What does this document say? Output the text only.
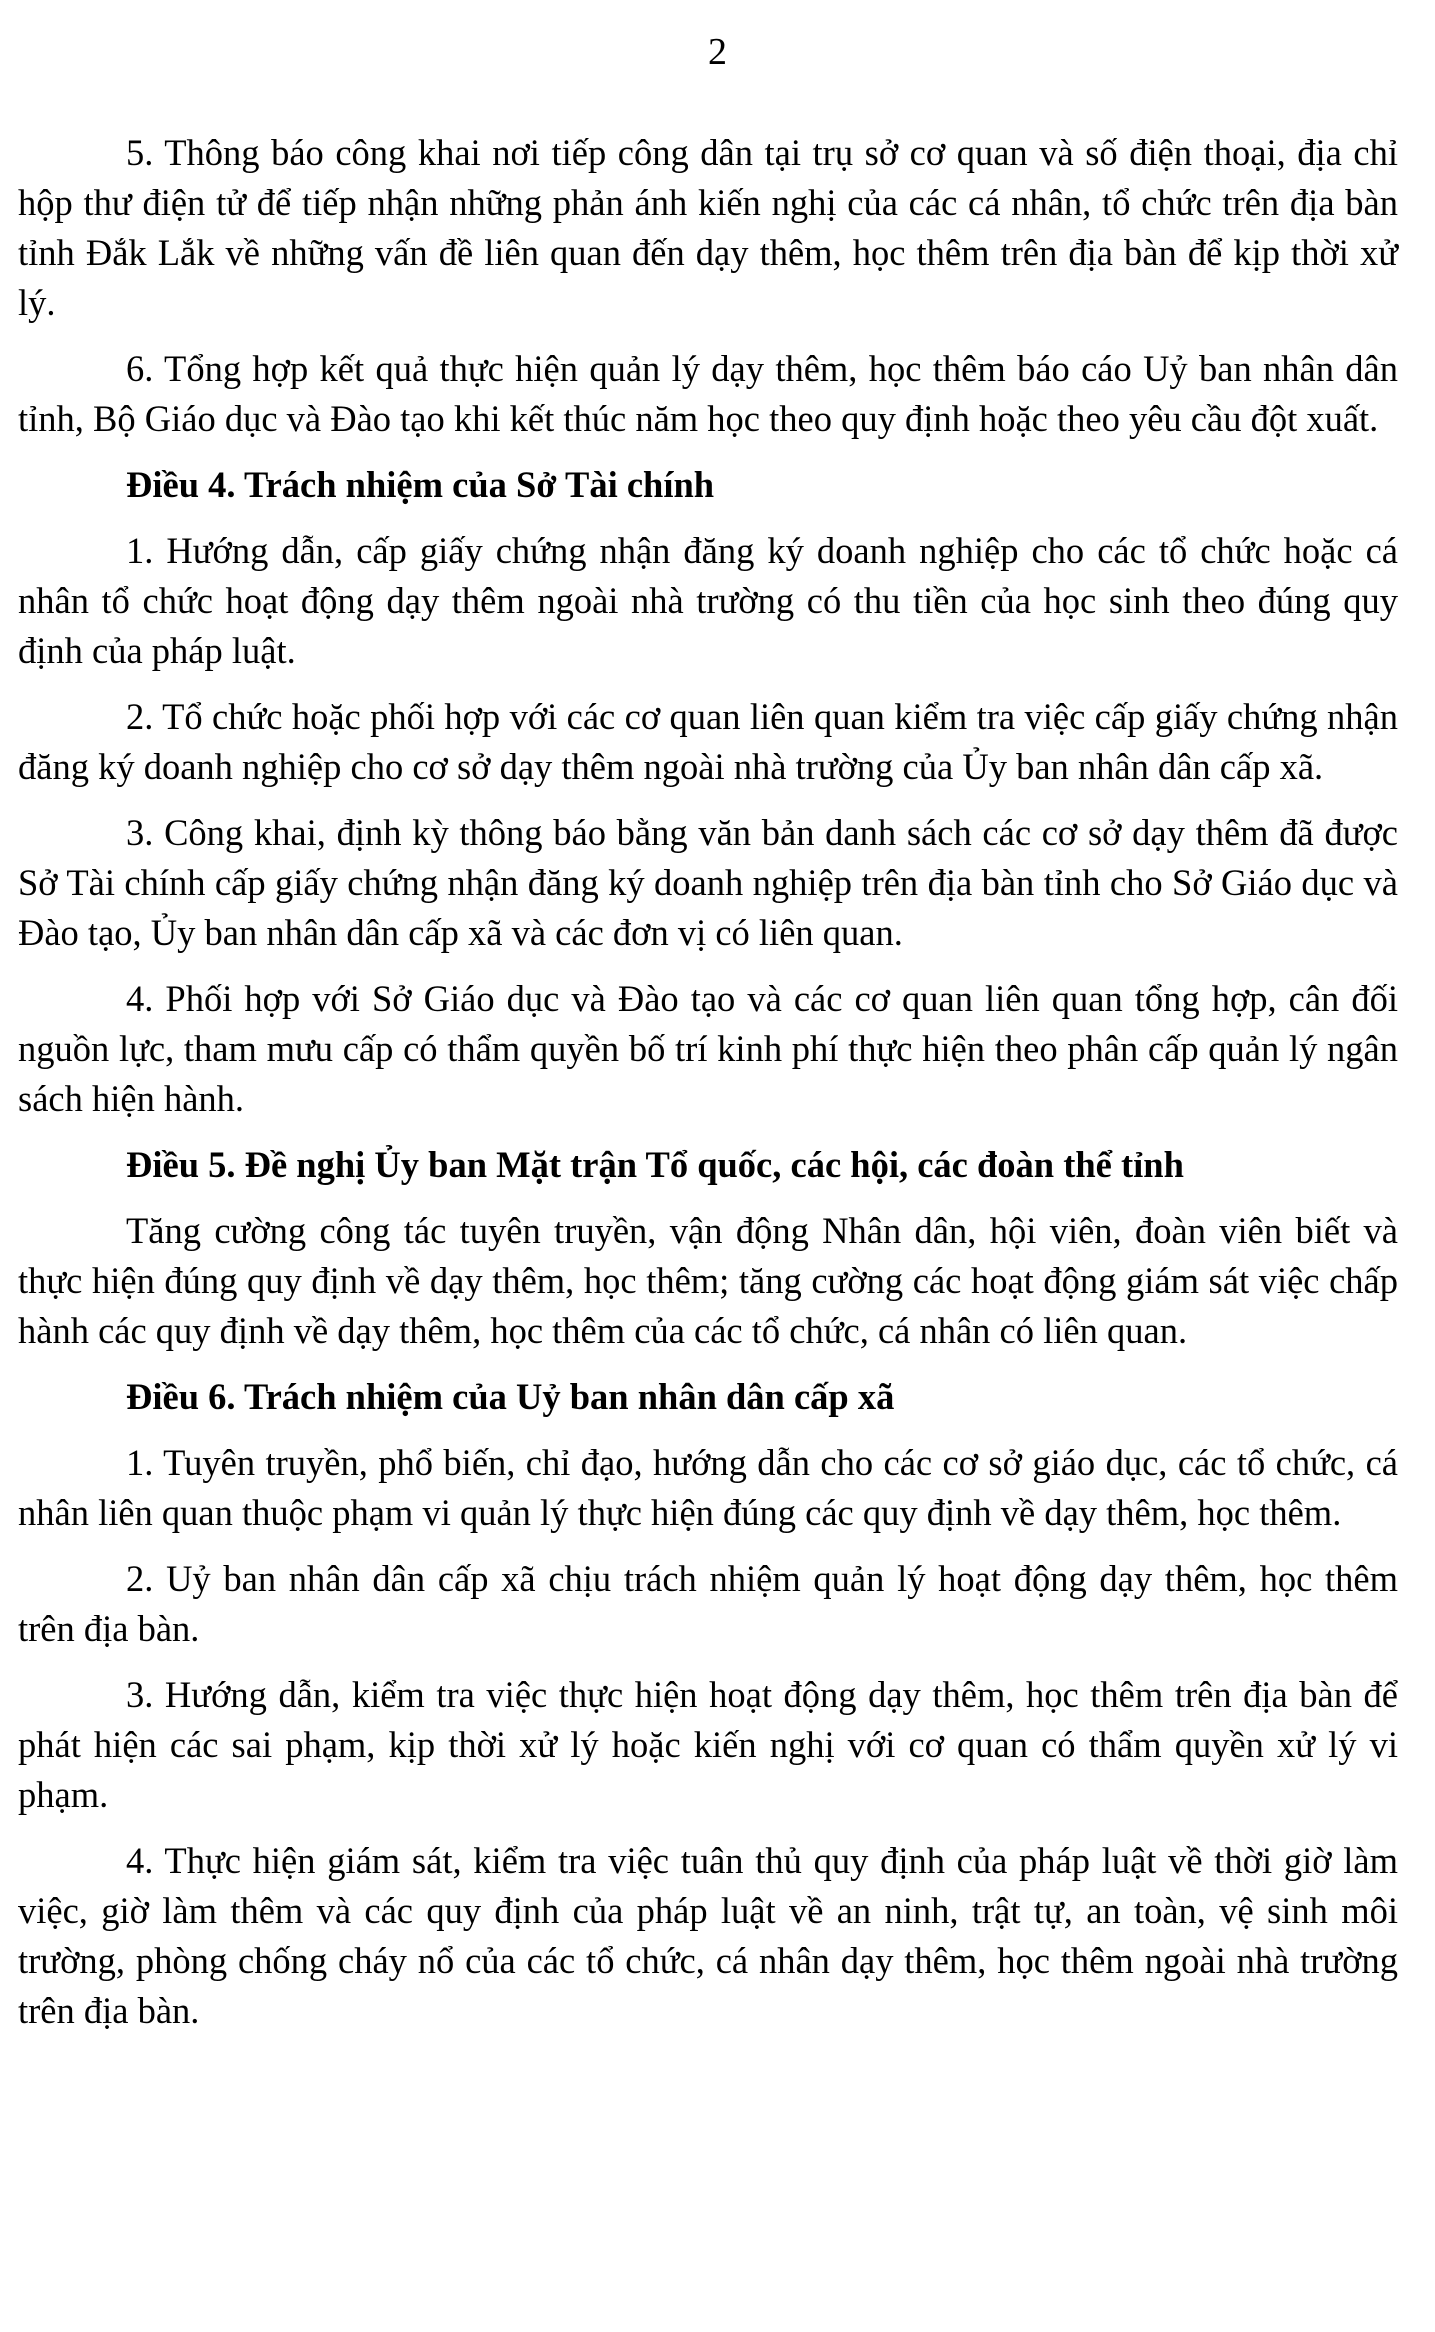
2

5. Thông báo công khai nơi tiếp công dân tại trụ sở cơ quan và số điện thoại, địa chỉ hộp thư điện tử để tiếp nhận những phản ánh kiến nghị của các cá nhân, tổ chức trên địa bàn tỉnh Đắk Lắk về những vấn đề liên quan đến dạy thêm, học thêm trên địa bàn để kịp thời xử lý.

6. Tổng hợp kết quả thực hiện quản lý dạy thêm, học thêm báo cáo Uỷ ban nhân dân tỉnh, Bộ Giáo dục và Đào tạo khi kết thúc năm học theo quy định hoặc theo yêu cầu đột xuất.

Điều 4. Trách nhiệm của Sở Tài chính

1. Hướng dẫn, cấp giấy chứng nhận đăng ký doanh nghiệp cho các tổ chức hoặc cá nhân tổ chức hoạt động dạy thêm ngoài nhà trường có thu tiền của học sinh theo đúng quy định của pháp luật.

2. Tổ chức hoặc phối hợp với các cơ quan liên quan kiểm tra việc cấp giấy chứng nhận đăng ký doanh nghiệp cho cơ sở dạy thêm ngoài nhà trường của Ủy ban nhân dân cấp xã.

3. Công khai, định kỳ thông báo bằng văn bản danh sách các cơ sở dạy thêm đã được Sở Tài chính cấp giấy chứng nhận đăng ký doanh nghiệp trên địa bàn tỉnh cho Sở Giáo dục và Đào tạo, Ủy ban nhân dân cấp xã và các đơn vị có liên quan.

4. Phối hợp với Sở Giáo dục và Đào tạo và các cơ quan liên quan tổng hợp, cân đối nguồn lực, tham mưu cấp có thẩm quyền bố trí kinh phí thực hiện theo phân cấp quản lý ngân sách hiện hành.

Điều 5. Đề nghị Ủy ban Mặt trận Tổ quốc, các hội, các đoàn thể tỉnh

Tăng cường công tác tuyên truyền, vận động Nhân dân, hội viên, đoàn viên biết và thực hiện đúng quy định về dạy thêm, học thêm; tăng cường các hoạt động giám sát việc chấp hành các quy định về dạy thêm, học thêm của các tổ chức, cá nhân có liên quan.

Điều 6. Trách nhiệm của Uỷ ban nhân dân cấp xã

1. Tuyên truyền, phổ biến, chỉ đạo, hướng dẫn cho các cơ sở giáo dục, các tổ chức, cá nhân liên quan thuộc phạm vi quản lý thực hiện đúng các quy định về dạy thêm, học thêm.

2. Uỷ ban nhân dân cấp xã chịu trách nhiệm quản lý hoạt động dạy thêm, học thêm trên địa bàn.

3. Hướng dẫn, kiểm tra việc thực hiện hoạt động dạy thêm, học thêm trên địa bàn để phát hiện các sai phạm, kịp thời xử lý hoặc kiến nghị với cơ quan có thẩm quyền xử lý vi phạm.

4. Thực hiện giám sát, kiểm tra việc tuân thủ quy định của pháp luật về thời giờ làm việc, giờ làm thêm và các quy định của pháp luật về an ninh, trật tự, an toàn, vệ sinh môi trường, phòng chống cháy nổ của các tổ chức, cá nhân dạy thêm, học thêm ngoài nhà trường trên địa bàn.
